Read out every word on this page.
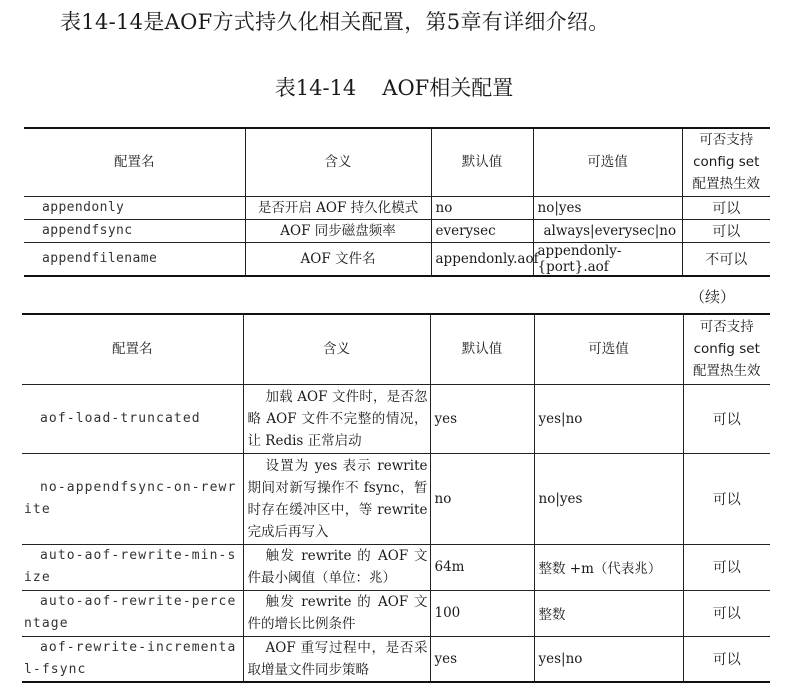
表14-14是AOF方式持久化相关配置，第5章有详细介绍。
表14-14 AOF相关配置
配置名	含义	默认值	可选值	可否支持
config set
配置热生效

appendonly	是否开启 AOF 持久化模式	no	no|yes	可以
appendfsync	AOF 同步磁盘频率	everysec	always|everysec|no	可以
appendfilename	AOF 文件名	appendonly.aof	appendonly-{port}.aof	不可以
（续）
配置名	含义	默认值	可选值	可否支持
config set
配置热生效

aof-load-truncated	加载 AOF 文件时，是否忽略 AOF 文件不完整的情况，让 Redis 正常启动	yes	yes|no	可以
no-appendfsync-on-rewrite	设置为 yes 表示 rewrite 期间对新写操作不 fsync，暂时存在缓冲区中，等 rewrite 完成后再写入	no	no|yes	可以
auto-aof-rewrite-min-size	触发 rewrite 的 AOF 文件最小阈值（单位：兆）	64m	整数 +m（代表兆）	可以
auto-aof-rewrite-percentage	触发 rewrite 的 AOF 文件的增长比例条件	100	整数	可以
aof-rewrite-incremental-fsync	AOF 重写过程中，是否采取增量文件同步策略	yes	yes|no	可以
